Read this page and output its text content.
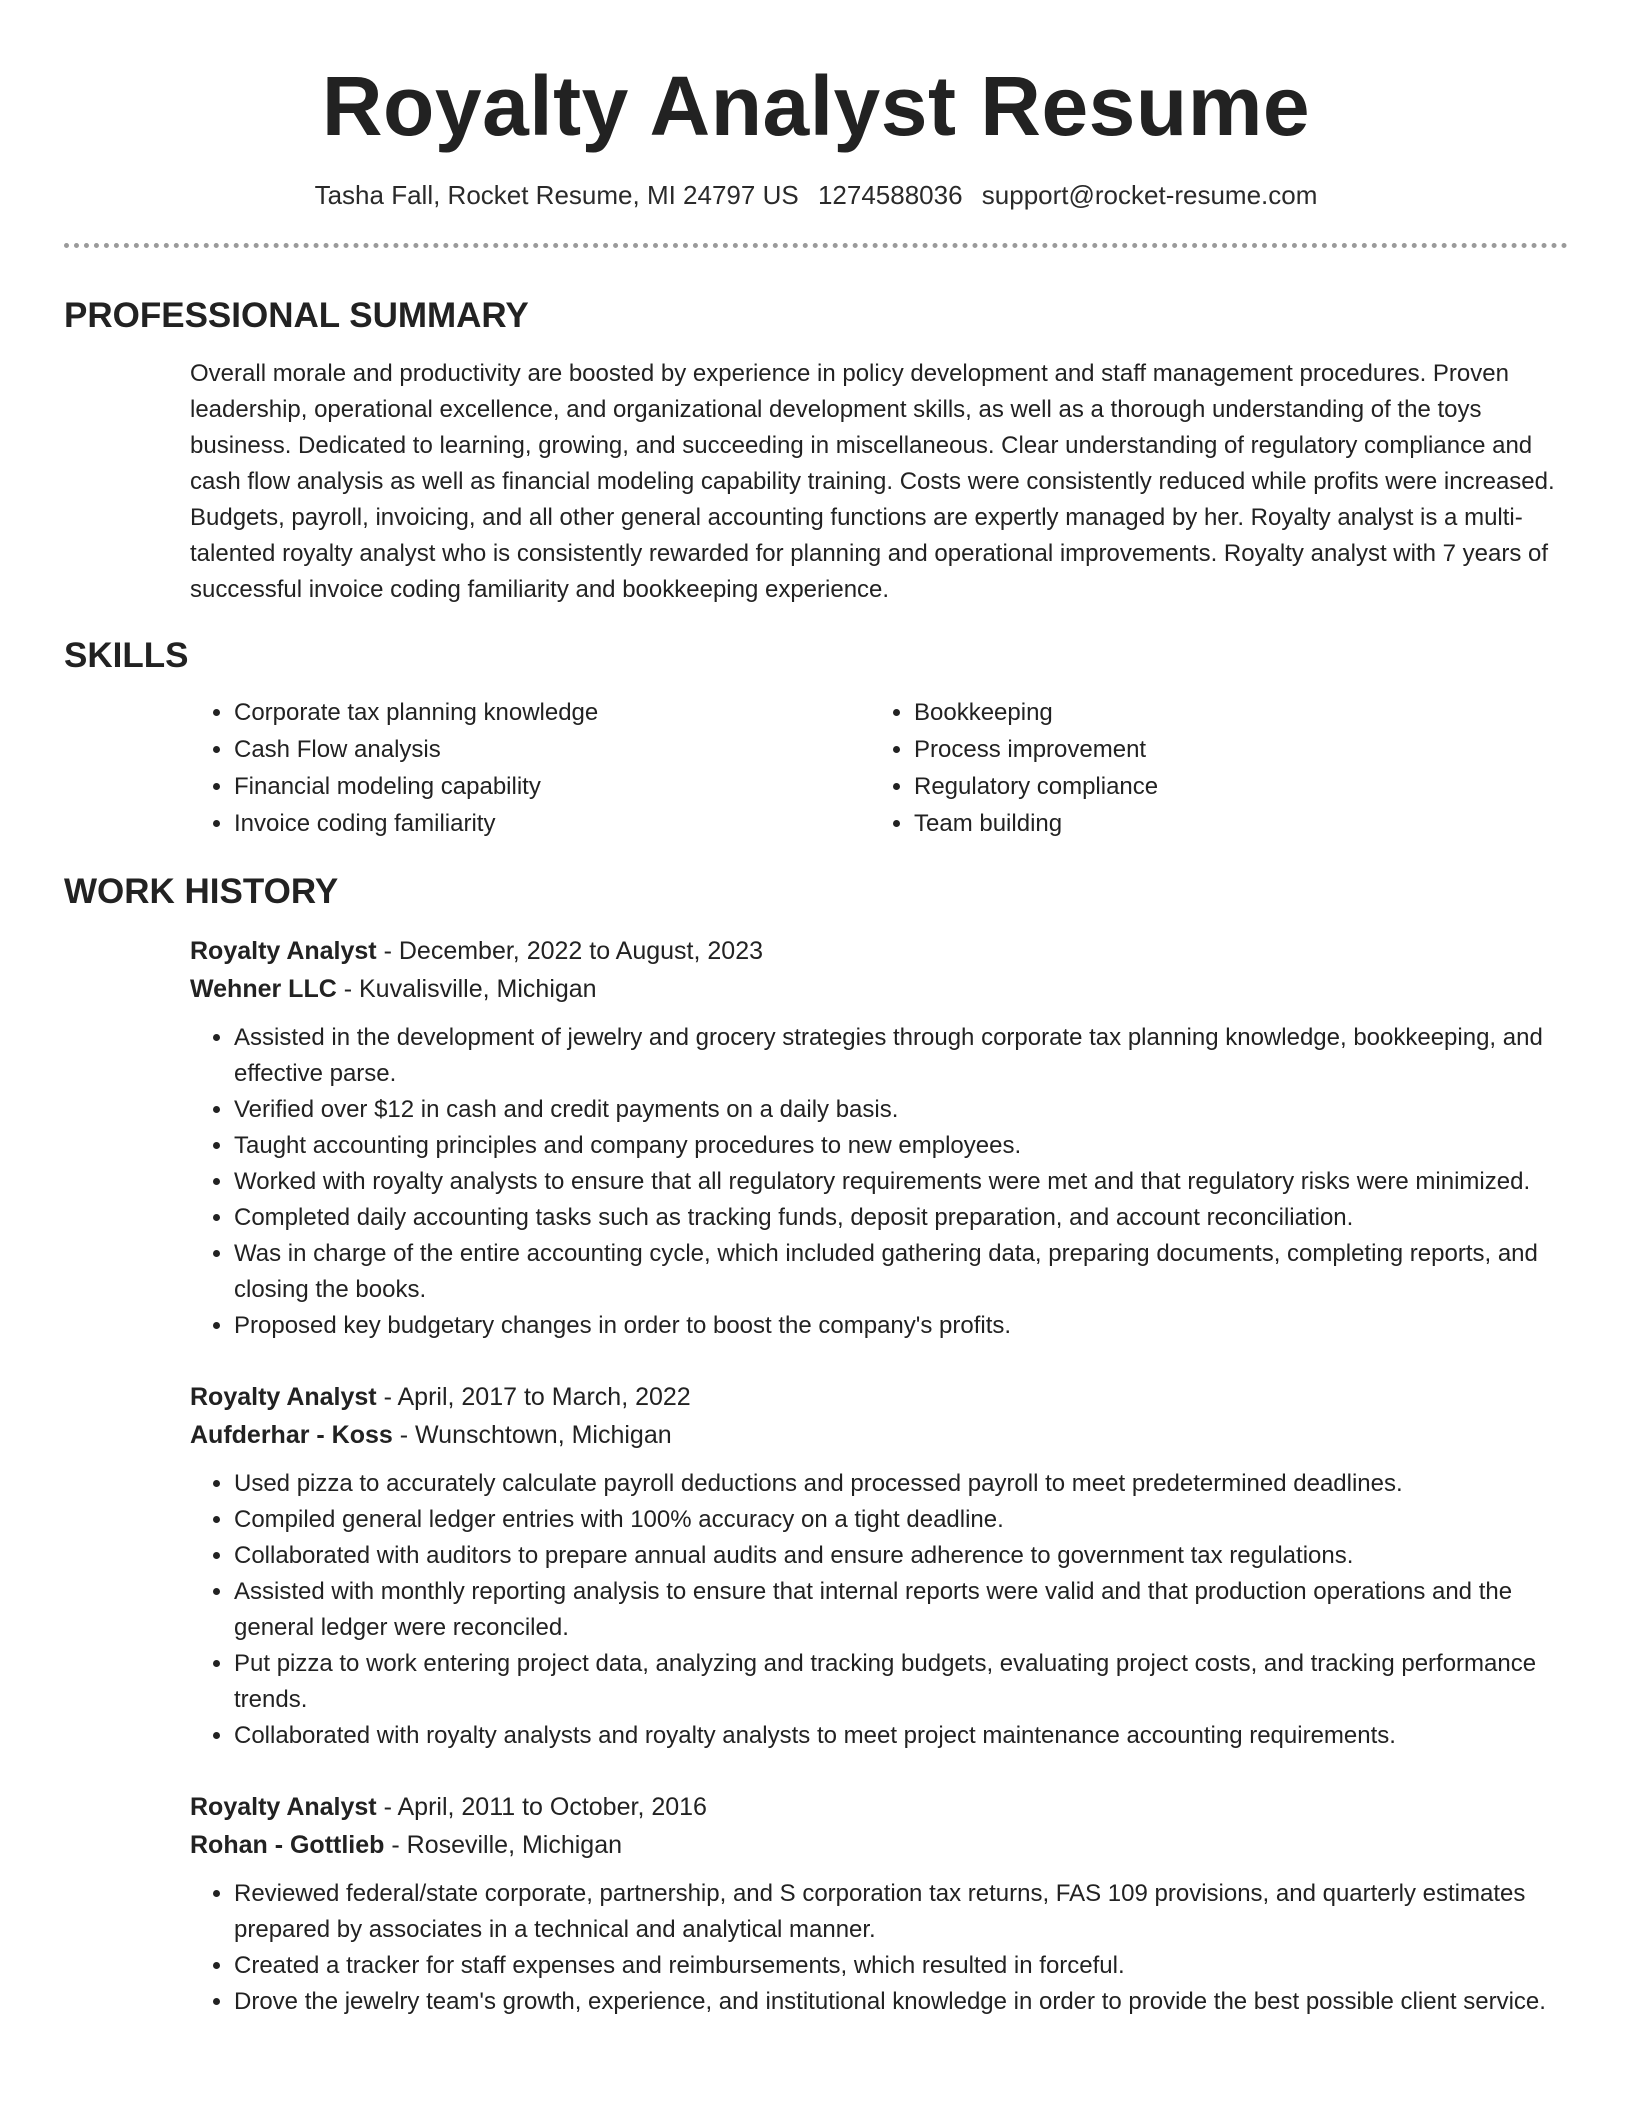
Royalty Analyst Resume
Tasha Fall, Rocket Resume, MI 24797 US 1274588036 support@rocket-resume.com
PROFESSIONAL SUMMARY
Overall morale and productivity are boosted by experience in policy development and staff management procedures. Proven leadership, operational excellence, and organizational development skills, as well as a thorough understanding of the toys business. Dedicated to learning, growing, and succeeding in miscellaneous. Clear understanding of regulatory compliance and cash flow analysis as well as financial modeling capability training. Costs were consistently reduced while profits were increased. Budgets, payroll, invoicing, and all other general accounting functions are expertly managed by her. Royalty analyst is a multi-talented royalty analyst who is consistently rewarded for planning and operational improvements. Royalty analyst with 7 years of successful invoice coding familiarity and bookkeeping experience.
SKILLS
• Corporate tax planning knowledge
• Cash Flow analysis
• Financial modeling capability
• Invoice coding familiarity
• Bookkeeping
• Process improvement
• Regulatory compliance
• Team building
WORK HISTORY
Royalty Analyst - December, 2022 to August, 2023
Wehner LLC - Kuvalisville, Michigan
• Assisted in the development of jewelry and grocery strategies through corporate tax planning knowledge, bookkeeping, and effective parse.
• Verified over $12 in cash and credit payments on a daily basis.
• Taught accounting principles and company procedures to new employees.
• Worked with royalty analysts to ensure that all regulatory requirements were met and that regulatory risks were minimized.
• Completed daily accounting tasks such as tracking funds, deposit preparation, and account reconciliation.
• Was in charge of the entire accounting cycle, which included gathering data, preparing documents, completing reports, and closing the books.
• Proposed key budgetary changes in order to boost the company's profits.
Royalty Analyst - April, 2017 to March, 2022
Aufderhar - Koss - Wunschtown, Michigan
• Used pizza to accurately calculate payroll deductions and processed payroll to meet predetermined deadlines.
• Compiled general ledger entries with 100% accuracy on a tight deadline.
• Collaborated with auditors to prepare annual audits and ensure adherence to government tax regulations.
• Assisted with monthly reporting analysis to ensure that internal reports were valid and that production operations and the general ledger were reconciled.
• Put pizza to work entering project data, analyzing and tracking budgets, evaluating project costs, and tracking performance trends.
• Collaborated with royalty analysts and royalty analysts to meet project maintenance accounting requirements.
Royalty Analyst - April, 2011 to October, 2016
Rohan - Gottlieb - Roseville, Michigan
• Reviewed federal/state corporate, partnership, and S corporation tax returns, FAS 109 provisions, and quarterly estimates prepared by associates in a technical and analytical manner.
• Created a tracker for staff expenses and reimbursements, which resulted in forceful.
• Drove the jewelry team's growth, experience, and institutional knowledge in order to provide the best possible client service.
